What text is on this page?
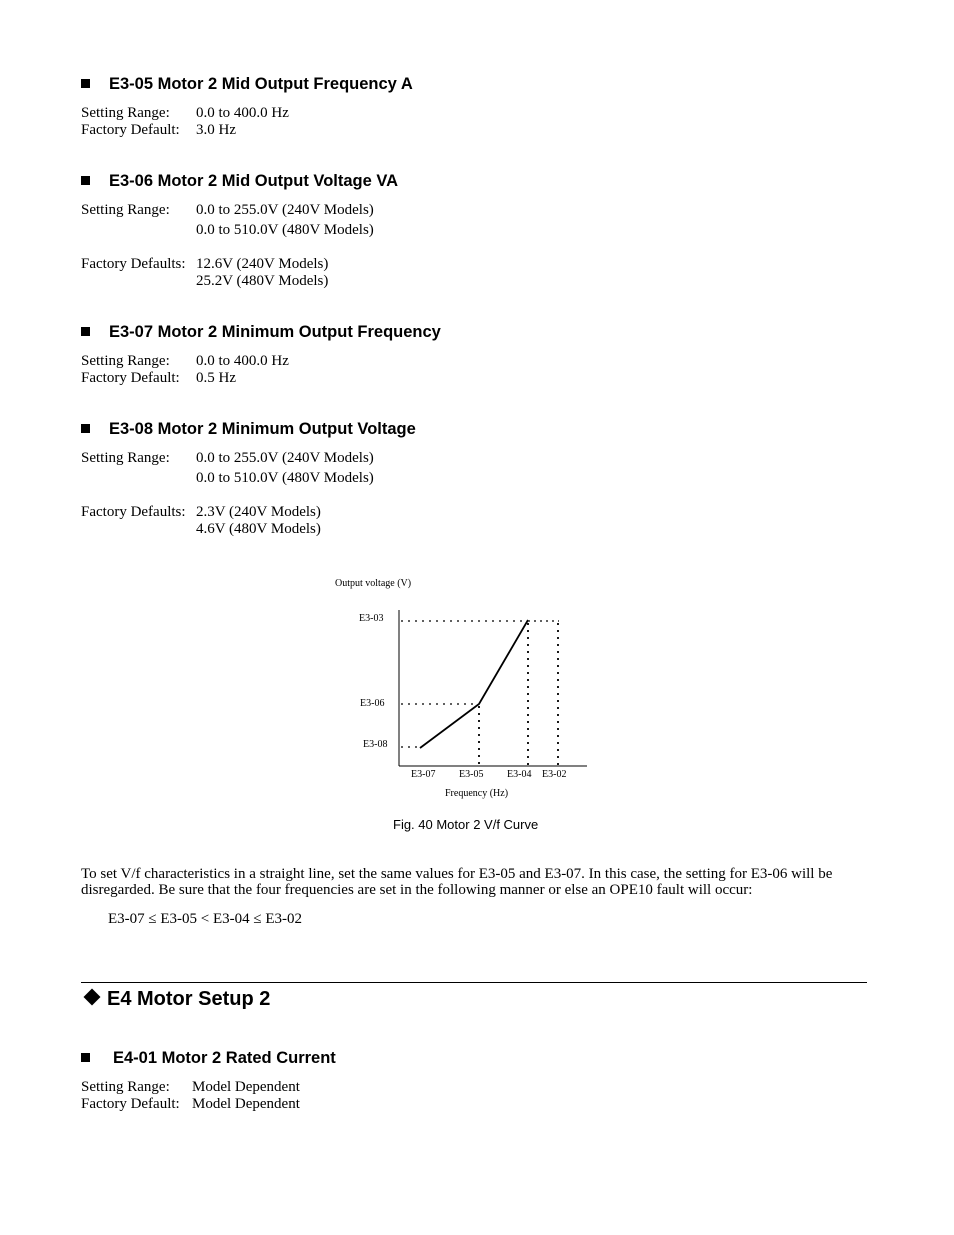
E3-05 Motor 2 Mid Output Frequency A
Setting Range: 0.0 to 400.0 Hz
Factory Default: 3.0 Hz
E3-06 Motor 2 Mid Output Voltage VA
Setting Range: 0.0 to 255.0V (240V Models)
0.0 to 510.0V (480V Models)
Factory Defaults: 12.6V (240V Models)
25.2V (480V Models)
E3-07 Motor 2 Minimum Output Frequency
Setting Range: 0.0 to 400.0 Hz
Factory Default: 0.5 Hz
E3-08 Motor 2 Minimum Output Voltage
Setting Range: 0.0 to 255.0V (240V Models)
0.0 to 510.0V (480V Models)
Factory Defaults: 2.3V (240V Models)
4.6V (480V Models)
Output voltage (V)
E3-03
E3-06
E3-08
E3-07 E3-05 E3-04 E3-02
Frequency (Hz)
Fig. 40 Motor 2 V/f Curve
To set V/f characteristics in a straight line, set the same values for E3-05 and E3-07. In this case, the setting for E3-06 will be disregarded. Be sure that the four frequencies are set in the following manner or else an OPE10 fault will occur:
E3-07 ≤ E3-05 < E3-04 ≤ E3-02
E4 Motor Setup 2
E4-01 Motor 2 Rated Current
Setting Range: Model Dependent
Factory Default: Model Dependent
